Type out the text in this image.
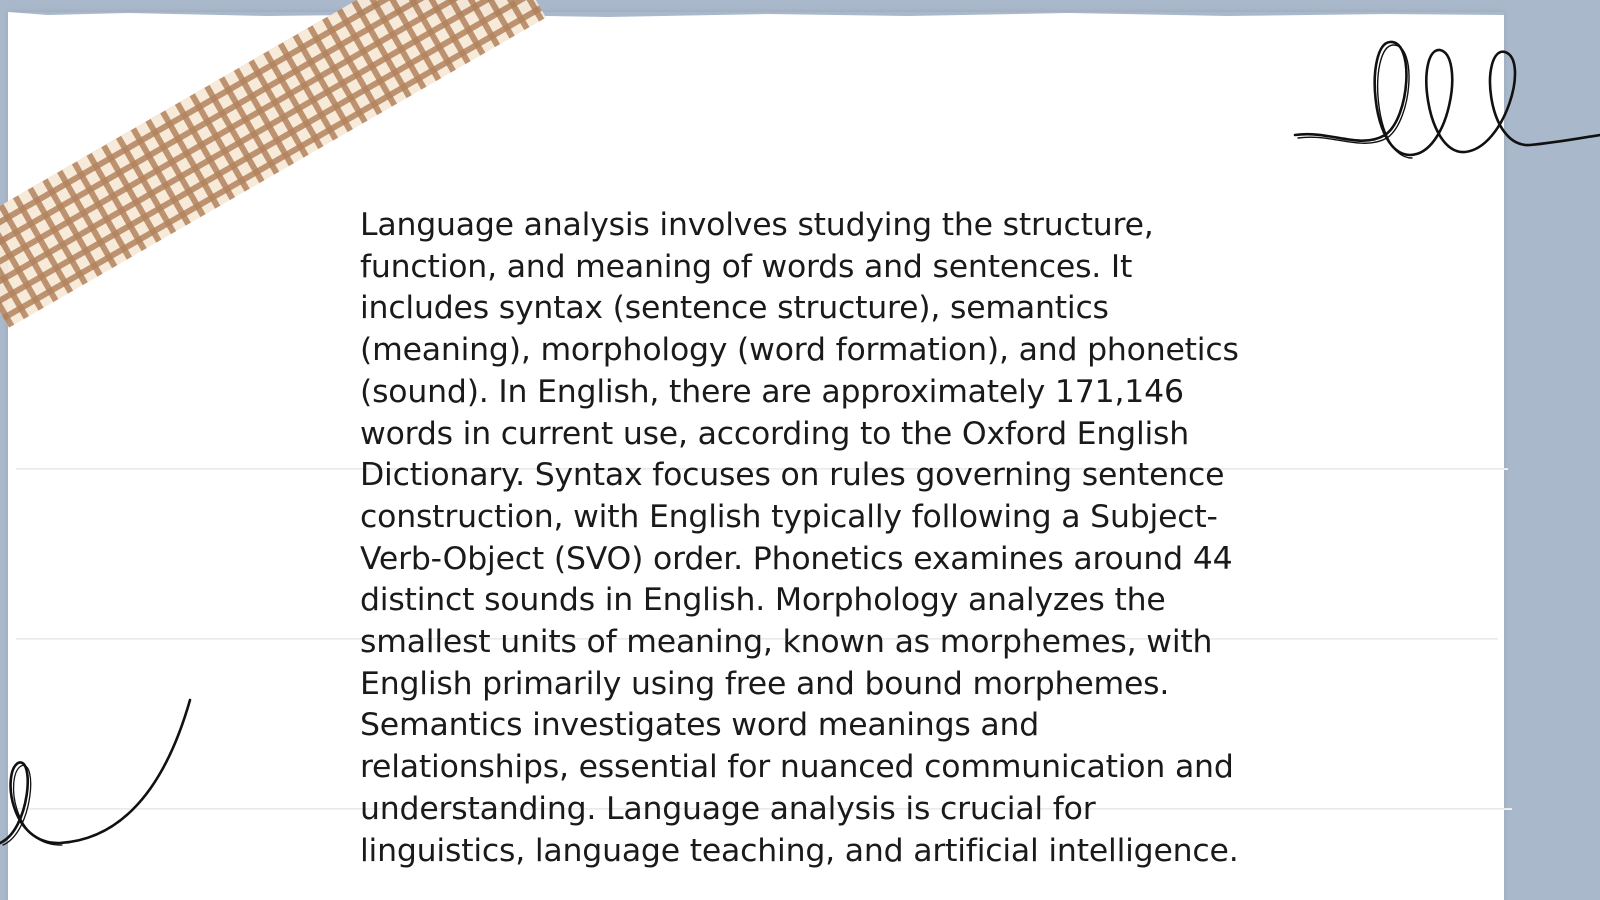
Language analysis involves studying the structure, function, and meaning of words and sentences. It includes syntax (sentence structure), semantics (meaning), morphology (word formation), and phonetics (sound). In English, there are approximately 171,146 words in current use, according to the Oxford English Dictionary. Syntax focuses on rules governing sentence construction, with English typically following a Subject-Verb-Object (SVO) order. Phonetics examines around 44 distinct sounds in English. Morphology analyzes the smallest units of meaning, known as morphemes, with English primarily using free and bound morphemes. Semantics investigates word meanings and relationships, essential for nuanced communication and understanding. Language analysis is crucial for linguistics, language teaching, and artificial intelligence.
